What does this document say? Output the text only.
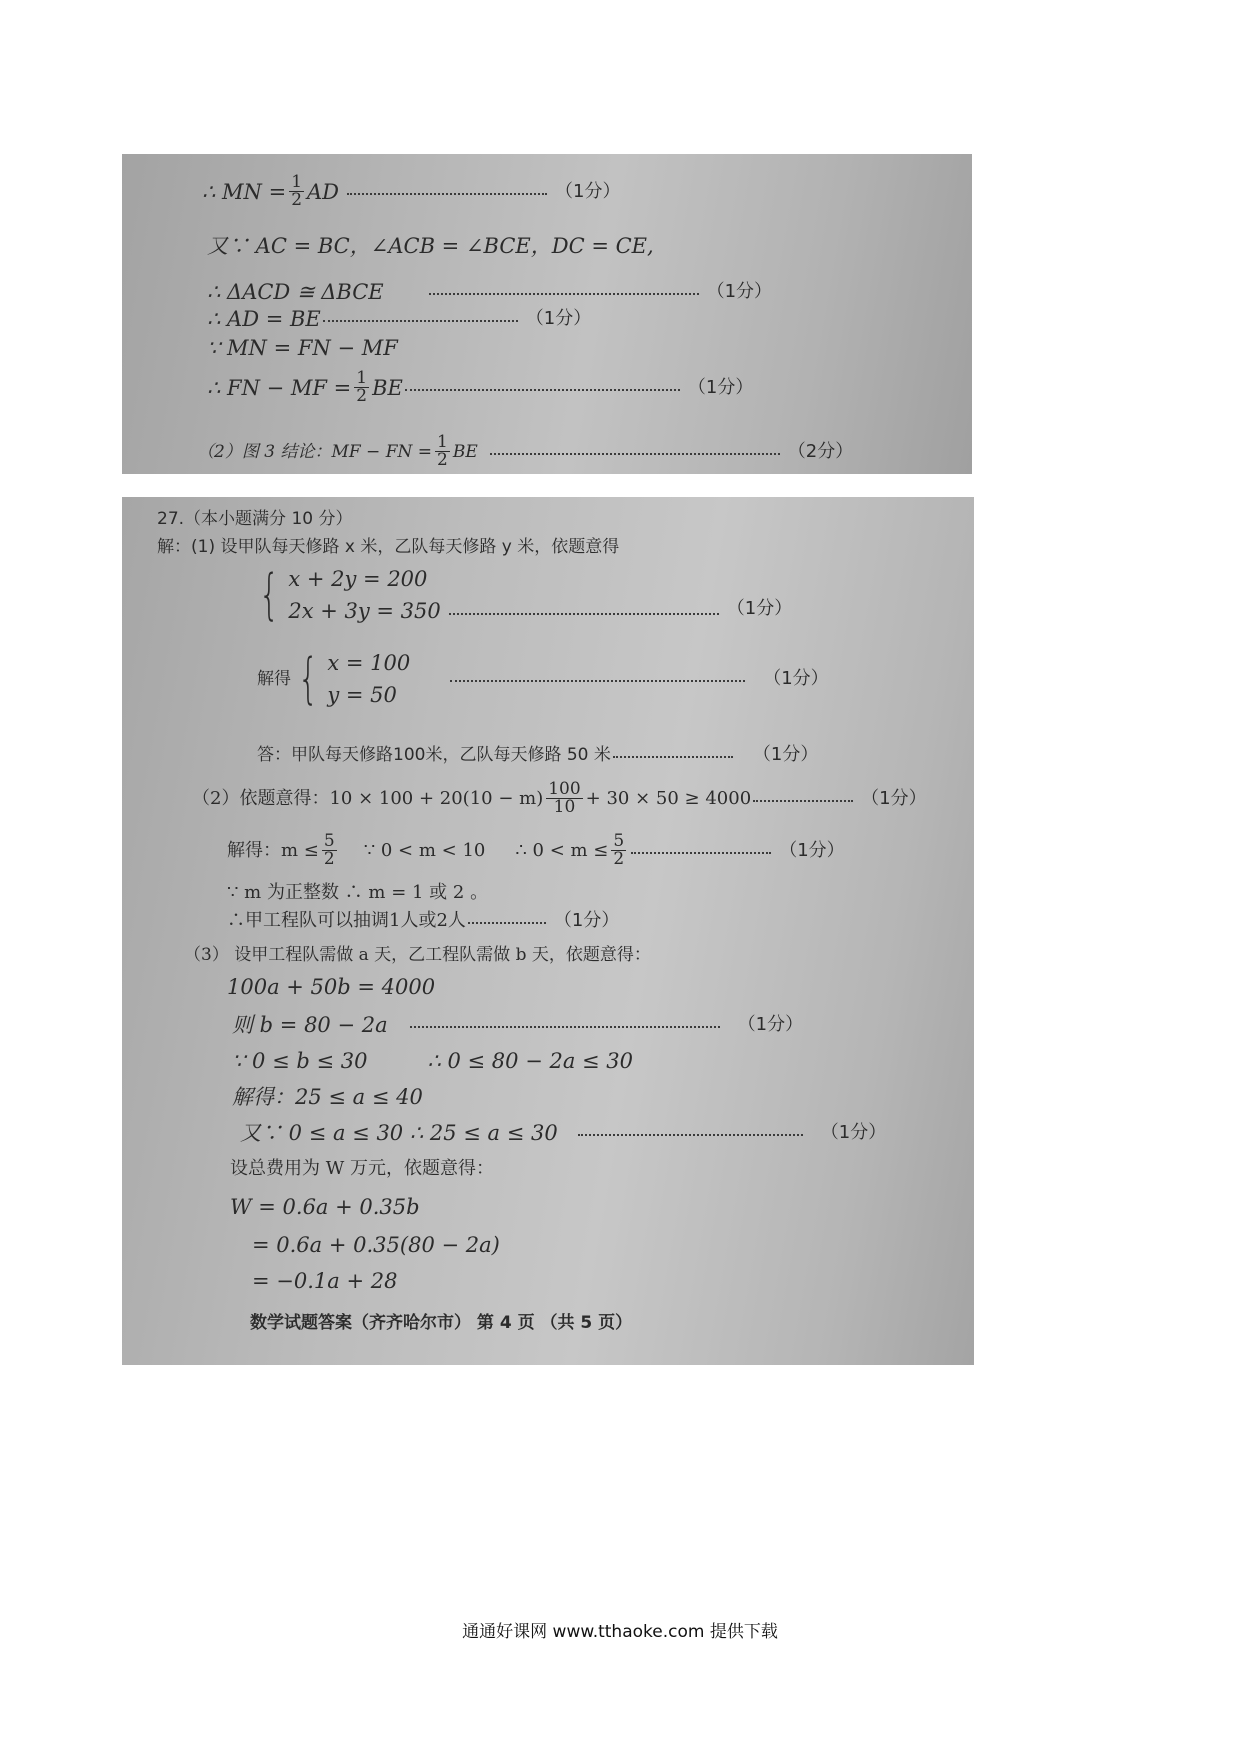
∴ MN = $\frac{1}{2}$ AD	（1分）
又∵ AC = BC，∠ACB = ∠BCE，DC = CE,
∴ ΔACD ≅ ΔBCE	（1分）
∴ AD = BE	（1分）
∵ MN = FN − MF
∴ FN − MF = $\frac{1}{2}$ BE	（1分）
（2）图 3 结论：MF − FN = $\frac{1}{2}$ BE	（2分）
27.（本小题满分 10 分）
解：(1) 设甲队每天修路 x 米，乙队每天修路 y 米，依题意得
{ x + 2y = 200
2x + 3y = 350	（1分）
解得 { x = 100
y = 50
（1分）
答：甲队每天修路100米，乙队每天修路 50 米	（1分）
（2）依题意得：$10 \times 100 + 20(10 - m) \frac{100}{10} + 30 \times 50 \ge 4000$	（1分）
解得：$m \le \frac{5}{2}$ ∵ 0 < m < 10 ∴ $0 < m \le \frac{5}{2}$	（1分）
∵ m 为正整数 ∴ m = 1 或 2 。
∴甲工程队可以抽调1人或2人	（1分）
（3） 设甲工程队需做 a 天，乙工程队需做 b 天，依题意得：
100a + 50b = 4000
则 b = 80 − 2a	（1分）
∵ 0 ≤ b ≤ 30	∴ 0 ≤ 80 − 2a ≤ 30
解得：25 ≤ a ≤ 40
又∵ 0 ≤ a ≤ 30 ∴ 25 ≤ a ≤ 30	（1分）
设总费用为 W 万元，依题意得：
W = 0.6a + 0.35b
= 0.6a + 0.35(80 − 2a)
= −0.1a + 28
数学试题答案（齐齐哈尔市） 第 4 页 （共 5 页）
通通好课网 www.tthaoke.com 提供下载
